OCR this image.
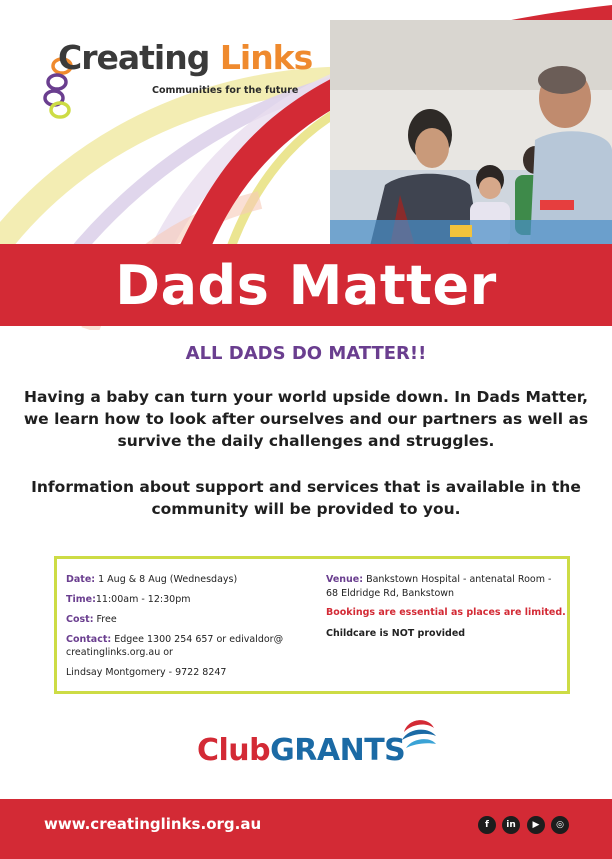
Creating Links
Communities for the future
Dads Matter
ALL DADS DO MATTER!!
Having a baby can turn your world upside down. In Dads Matter, we learn how to look after ourselves and our partners as well as survive the daily challenges and struggles.
Information about support and services that is available in the community will be provided to you.
Date: 1 Aug & 8 Aug (Wednesdays)
Time:11:00am - 12:30pm
Cost: Free
Contact: Edgee 1300 254 657 or edivaldor@
creatinglinks.org.au or
Lindsay Montgomery - 9722 8247
Venue: Bankstown Hospital - antenatal Room -
68 Eldridge Rd, Bankstown
Bookings are essential as places are limited.
Childcare is NOT provided
ClubGRANTS
www.creatinglinks.org.au	f	in	▶	◎
